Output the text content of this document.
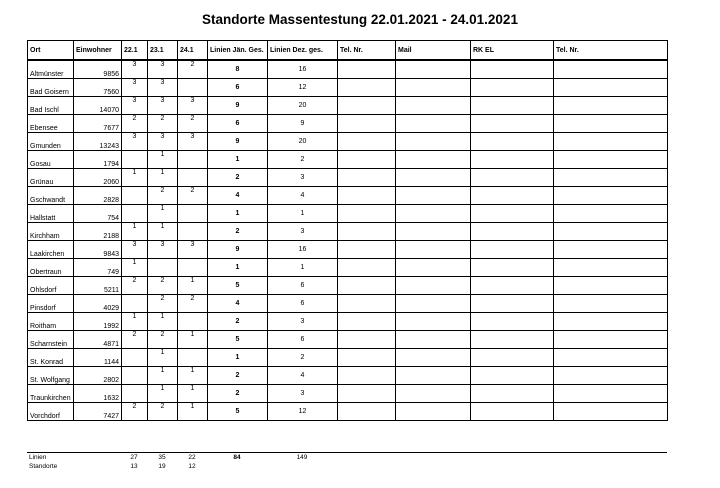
Standorte Massentestung 22.01.2021 - 24.01.2021
Ort	Einwohner	22.1	23.1	24.1	Linien Jän. Ges.	Linien Dez. ges.	Tel. Nr.	Mail	RK EL	Tel. Nr.
Altmünster	9856	3	3	2	8	16				
Bad Goisern	7560	3	3		6	12				
Bad Ischl	14070	3	3	3	9	20				
Ebensee	7677	2	2	2	6	9				
Gmunden	13243	3	3	3	9	20				
Gosau	1794		1		1	2				
Grünau	2060	1	1		2	3				
Gschwandt	2828		2	2	4	4				
Hallstatt	754		1		1	1				
Kirchham	2188	1	1		2	3				
Laakirchen	9843	3	3	3	9	16				
Obertraun	749	1			1	1				
Ohlsdorf	5211	2	2	1	5	6				
Pinsdorf	4029		2	2	4	6				
Roitham	1992	1	1		2	3				
Scharnstein	4871	2	2	1	5	6				
St. Konrad	1144		1		1	2				
St. Wolfgang	2802		1	1	2	4				
Traunkirchen	1632		1	1	2	3				
Vorchdorf	7427	2	2	1	5	12				
Linien		27	35	22	84	149	
Standorte		13	19	12			
